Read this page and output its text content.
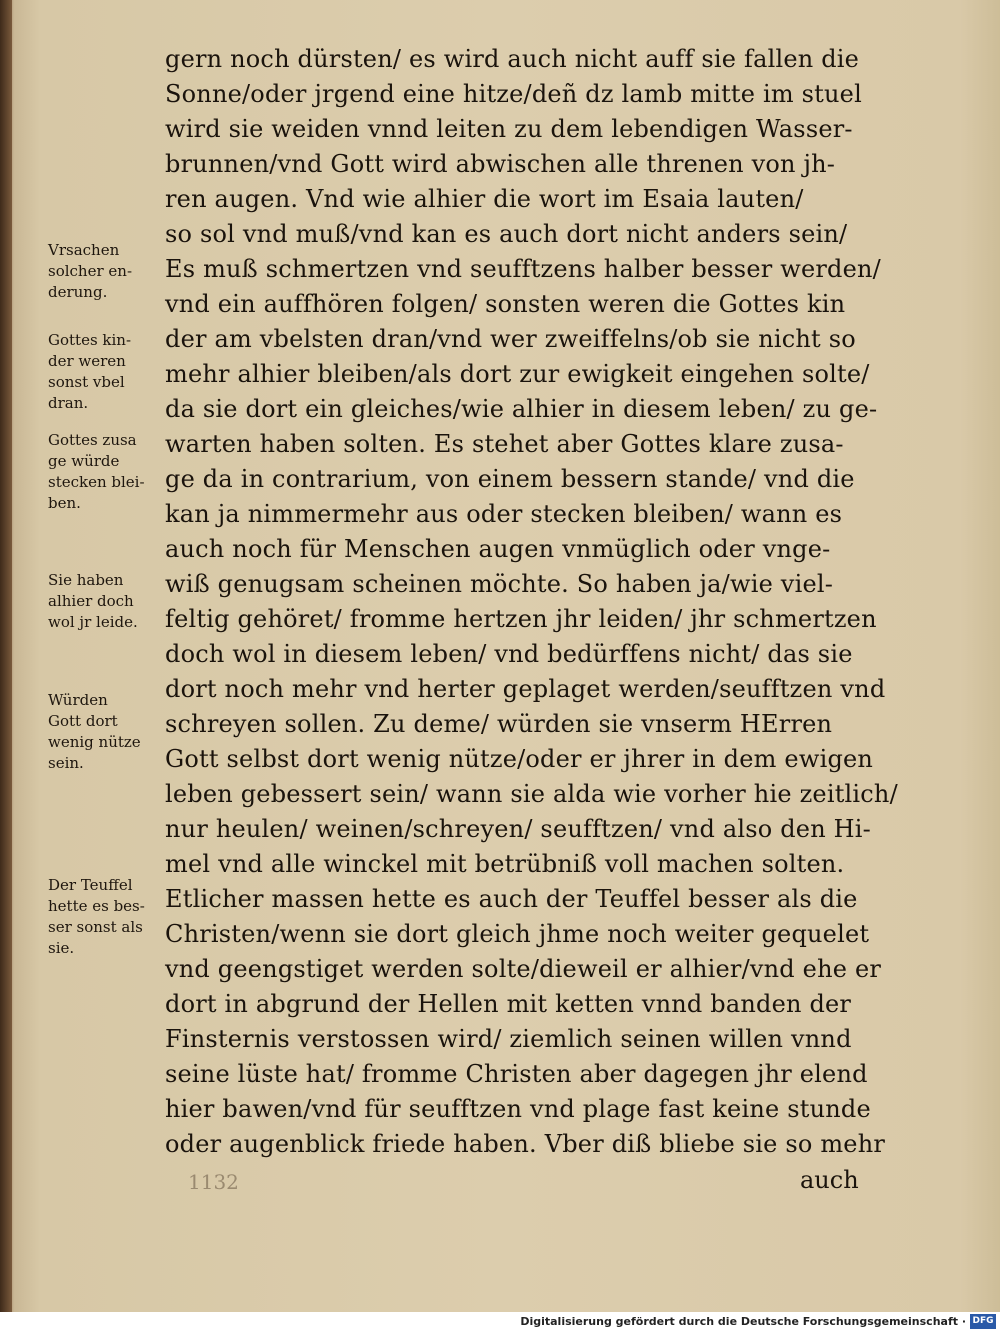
gern noch dürsten/ es wird auch nicht auff sie fallen die
Sonne/oder jrgend eine hitze/deñ dz lamb mitte im stuel
wird sie weiden vnnd leiten zu dem lebendigen Wasser-
brunnen/vnd Gott wird abwischen alle threnen von jh-
ren augen. Vnd wie alhier die wort im Esaia lauten/
so sol vnd muß/vnd kan es auch dort nicht anders sein/
Es muß schmertzen vnd seufftzens halber besser werden/
vnd ein auffhören folgen/ sonsten weren die Gottes kin
der am vbelsten dran/vnd wer zweiffelns/ob sie nicht so
mehr alhier bleiben/als dort zur ewigkeit eingehen solte/
da sie dort ein gleiches/wie alhier in diesem leben/ zu ge-
warten haben solten. Es stehet aber Gottes klare zusa-
ge da in contrarium, von einem bessern stande/ vnd die
kan ja nimmermehr aus oder stecken bleiben/ wann es
auch noch für Menschen augen vnmüglich oder vnge-
wiß genugsam scheinen möchte. So haben ja/wie viel-
feltig gehöret/ fromme hertzen jhr leiden/ jhr schmertzen
doch wol in diesem leben/ vnd bedürffens nicht/ das sie
dort noch mehr vnd herter geplaget werden/seufftzen vnd
schreyen sollen. Zu deme/ würden sie vnserm HErren
Gott selbst dort wenig nütze/oder er jhrer in dem ewigen
leben gebessert sein/ wann sie alda wie vorher hie zeitlich/
nur heulen/ weinen/schreyen/ seufftzen/ vnd also den Hi-
mel vnd alle winckel mit betrübniß voll machen solten.
Etlicher massen hette es auch der Teuffel besser als die
Christen/wenn sie dort gleich jhme noch weiter gequelet
vnd geengstiget werden solte/dieweil er alhier/vnd ehe er
dort in abgrund der Hellen mit ketten vnnd banden der
Finsternis verstossen wird/ ziemlich seinen willen vnnd
seine lüste hat/ fromme Christen aber dagegen jhr elend
hier bawen/vnd für seufftzen vnd plage fast keine stunde
oder augenblick friede haben. Vber diß bliebe sie so mehr
Vrsachen
solcher en-
derung.
Gottes kin-
der weren
sonst vbel
dran.
Gottes zusa
ge würde
stecken blei-
ben.
Sie haben
alhier doch
wol jr leide.
Würden
Gott dort
wenig nütze
sein.
Der Teuffel
hette es bes-
ser sonst als
sie.
1132	auch
Digitalisierung gefördert durch die Deutsche Forschungsgemeinschaft · DFG
